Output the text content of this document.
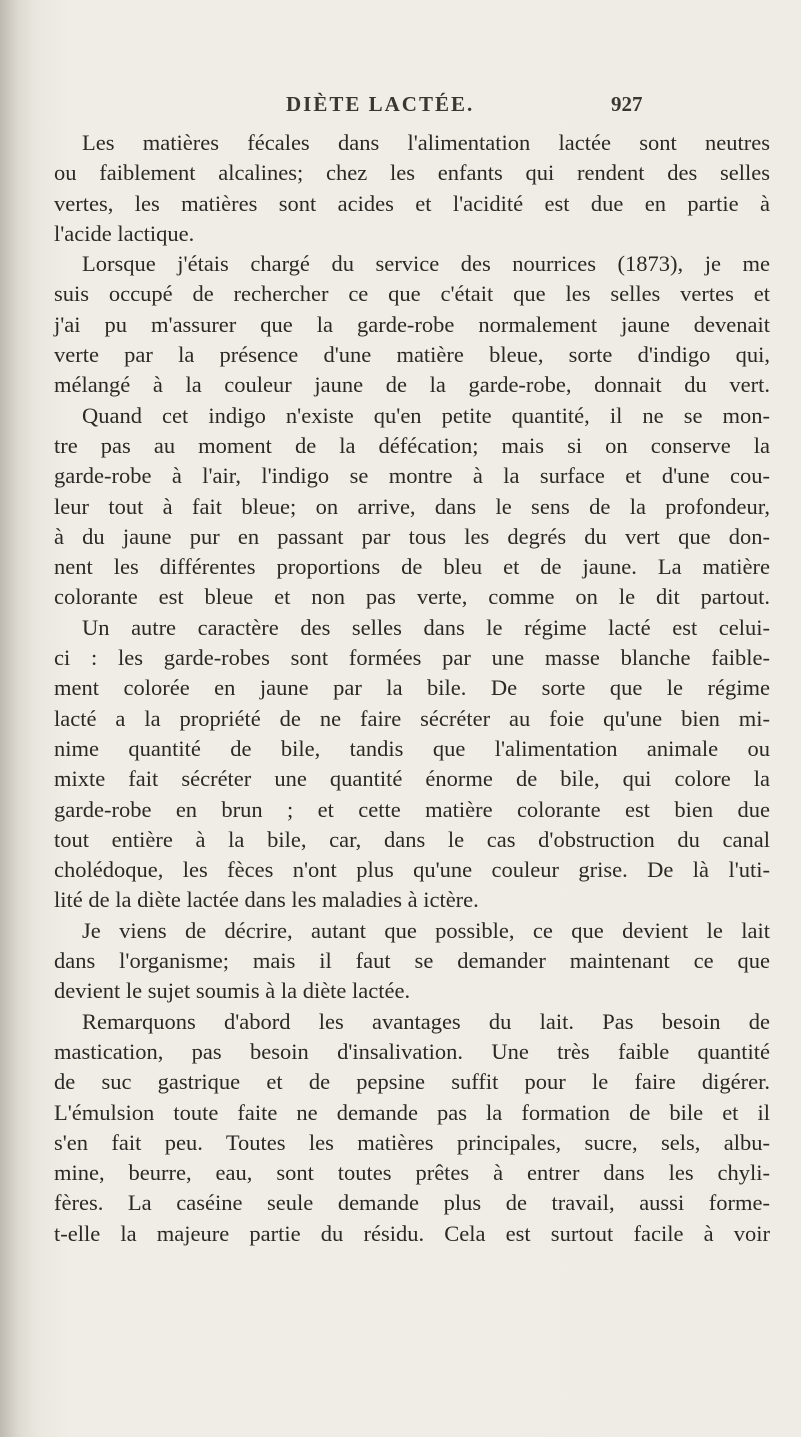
DIÈTE LACTÉE.	927
Les matières fécales dans l'alimentation lactée sont neutres
ou faiblement alcalines; chez les enfants qui rendent des selles
vertes, les matières sont acides et l'acidité est due en partie à
l'acide lactique.
Lorsque j'étais chargé du service des nourrices (1873), je me
suis occupé de rechercher ce que c'était que les selles vertes et
j'ai pu m'assurer que la garde-robe normalement jaune devenait
verte par la présence d'une matière bleue, sorte d'indigo qui,
mélangé à la couleur jaune de la garde-robe, donnait du vert.
Quand cet indigo n'existe qu'en petite quantité, il ne se mon-
tre pas au moment de la défécation; mais si on conserve la
garde-robe à l'air, l'indigo se montre à la surface et d'une cou-
leur tout à fait bleue; on arrive, dans le sens de la profondeur,
à du jaune pur en passant par tous les degrés du vert que don-
nent les différentes proportions de bleu et de jaune. La matière
colorante est bleue et non pas verte, comme on le dit partout.
Un autre caractère des selles dans le régime lacté est celui-
ci : les garde-robes sont formées par une masse blanche faible-
ment colorée en jaune par la bile. De sorte que le régime
lacté a la propriété de ne faire sécréter au foie qu'une bien mi-
nime quantité de bile, tandis que l'alimentation animale ou
mixte fait sécréter une quantité énorme de bile, qui colore la
garde-robe en brun ; et cette matière colorante est bien due
tout entière à la bile, car, dans le cas d'obstruction du canal
cholédoque, les fèces n'ont plus qu'une couleur grise. De là l'uti-
lité de la diète lactée dans les maladies à ictère.
Je viens de décrire, autant que possible, ce que devient le lait
dans l'organisme; mais il faut se demander maintenant ce que
devient le sujet soumis à la diète lactée.
Remarquons d'abord les avantages du lait. Pas besoin de
mastication, pas besoin d'insalivation. Une très faible quantité
de suc gastrique et de pepsine suffit pour le faire digérer.
L'émulsion toute faite ne demande pas la formation de bile et il
s'en fait peu. Toutes les matières principales, sucre, sels, albu-
mine, beurre, eau, sont toutes prêtes à entrer dans les chyli-
fères. La caséine seule demande plus de travail, aussi forme-
t-elle la majeure partie du résidu. Cela est surtout facile à voir
